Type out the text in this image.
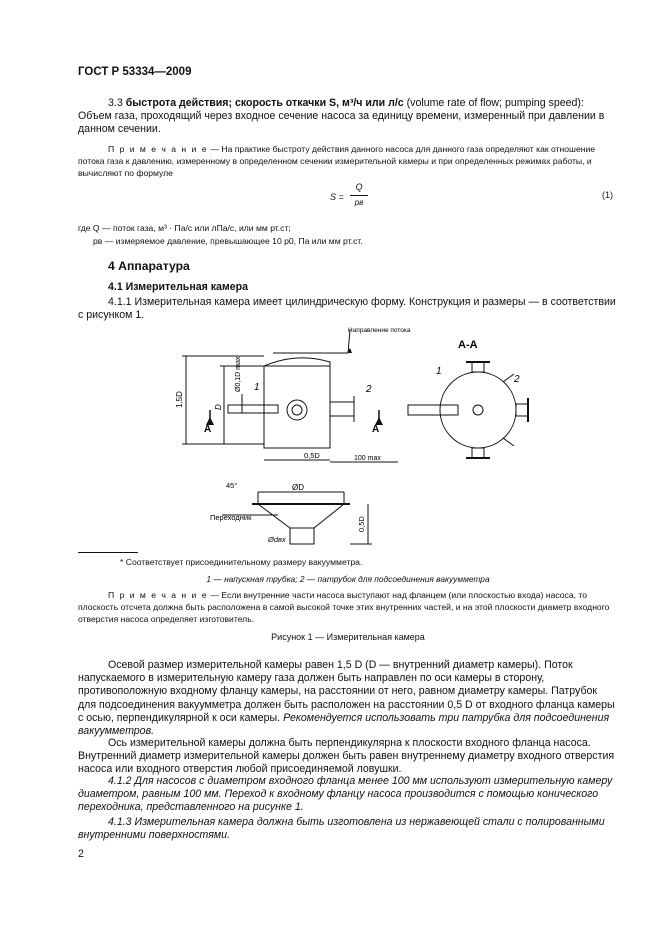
ГОСТ Р 53334—2009
3.3 быстрота действия; скорость откачки S, м³/ч или л/с (volume rate of flow; pumping speed): Объем газа, проходящий через входное сечение насоса за единицу времени, измеренный при давлении в данном сечении.
П р и м е ч а н и е — На практике быстроту действия данного насоса для данного газа определяют как отношение потока газа к давлению, измеренному в определенном сечении измерительной камеры и при определенных режимах работы, и вычисляют по формуле
S =
Q
pв
(1)
где Q — поток газа, м³ · Па/с или лПа/с, или мм рт.ст;
pв — измеряемое давление, превышающее 10 p0, Па или мм рт.ст.
4 Аппаратура
4.1 Измерительная камера
4.1.1 Измерительная камера имеет цилиндрическую форму. Конструкция и размеры — в соответствии с рисунком 1.
Направление потока
А-А
A	A
1	2
1
2
1,5D	D
Ø0,1D max
0,5D	100 max
45°	ØD
Переходник
Ødвх
0,5D
* Соответствует присоединительному размеру вакуумметра.
1 — напускная трубка; 2 — патрубок для подсоединения вакуумметра
П р и м е ч а н и е — Если внутренние части насоса выступают над фланцем (или плоскостью входа) насоса, то плоскость отсчета должна быть расположена в самой высокой точке этих внутренних частей, и на этой плоскости диаметр входного отверстия насоса определяет изготовитель.
Рисунок 1 — Измерительная камера
Осевой размер измерительной камеры равен 1,5 D (D — внутренний диаметр камеры). Поток напускаемого в измерительную камеру газа должен быть направлен по оси камеры в сторону, противоположную входному фланцу камеры, на расстоянии от него, равном диаметру камеры. Патрубок для подсоединения вакуумметра должен быть расположен на расстоянии 0,5 D от входного фланца камеры с осью, перпендикулярной к оси камеры. Рекомендуется использовать три патрубка для подсоединения вакуумметров.
Ось измерительной камеры должна быть перпендикулярна к плоскости входного фланца насоса. Внутренний диаметр измерительной камеры должен быть равен внутреннему диаметру входного отверстия насоса или входного отверстия любой присоединяемой ловушки.
4.1.2 Для насосов с диаметром входного фланца менее 100 мм используют измерительную камеру диаметром, равным 100 мм. Переход к входному фланцу насоса производится с помощью конического переходника, представленного на рисунке 1.
4.1.3 Измерительная камера должна быть изготовлена из нержавеющей стали с полированными внутренними поверхностями.
2
